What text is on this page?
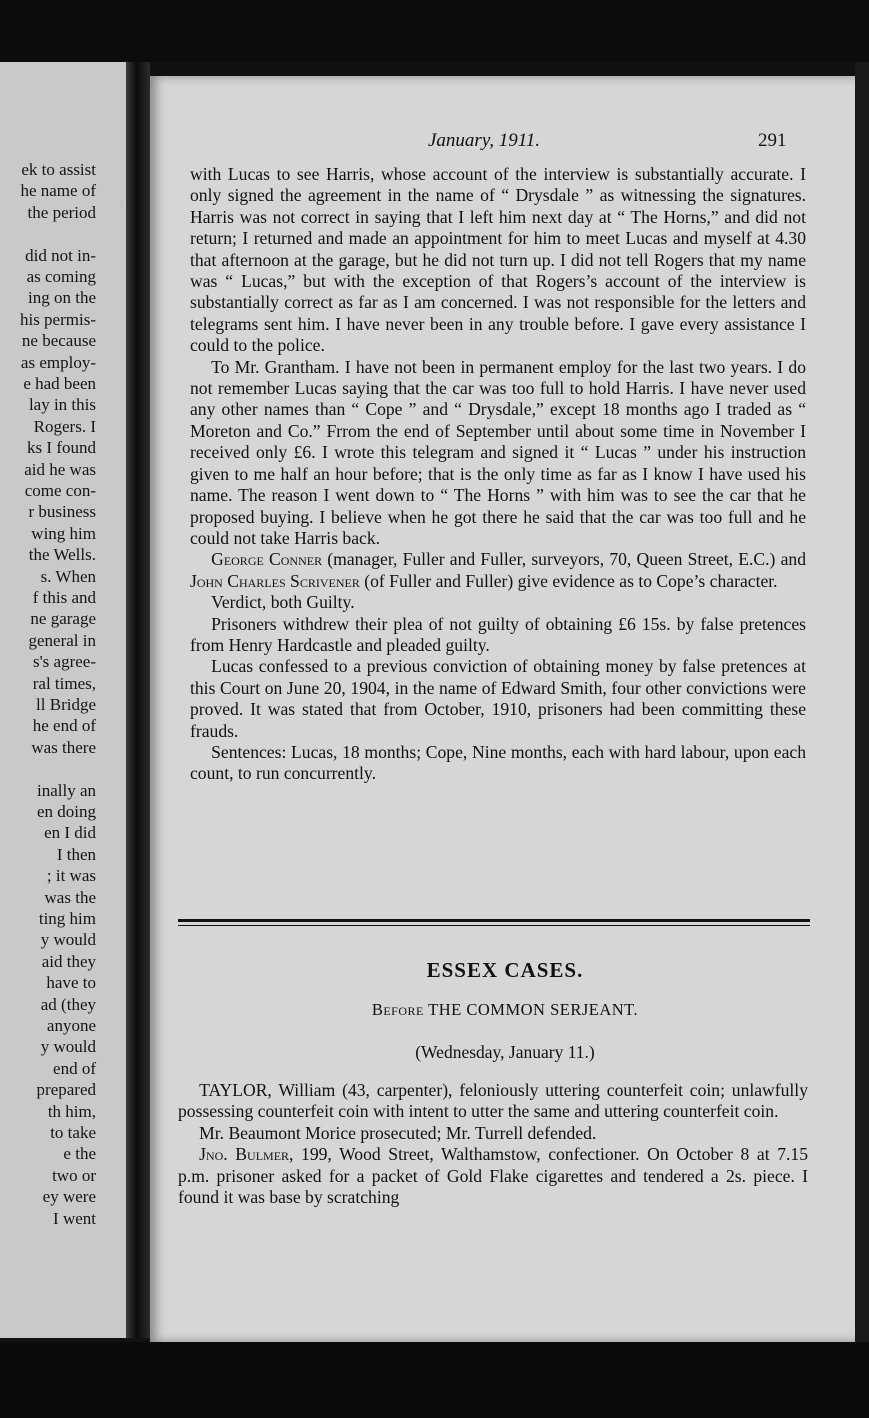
ek to assist
he name of
the period
did not in-
as coming
ing on the
his permis-
ne because
as employ-
e had been
lay in this
Rogers. I
ks I found
aid he was
come con-
r business
wing him
the Wells.
s. When
f this and
ne garage
general in
s's agree-
ral times,
ll Bridge
he end of
was there
inally an
en doing
en I did
I then
; it was
was the
ting him
y would
aid they
have to
ad (they
anyone
y would
end of
prepared
th him,
to take
e the
two or
ey were
I went
ı
January, 1911.	291

with Lucas to see Harris, whose account of the interview is substantially accurate. I only signed the agreement in the name of “ Drysdale ” as witnessing the signatures. Harris was not correct in saying that I left him next day at “ The Horns,” and did not return; I returned and made an appointment for him to meet Lucas and myself at 4.30 that afternoon at the garage, but he did not turn up. I did not tell Rogers that my name was “ Lucas,” but with the exception of that Rogers’s account of the interview is substantially correct as far as I am concerned. I was not responsible for the letters and telegrams sent him. I have never been in any trouble before. I gave every assistance I could to the police.

To Mr. Grantham. I have not been in permanent employ for the last two years. I do not remember Lucas saying that the car was too full to hold Harris. I have never used any other names than “ Cope ” and “ Drysdale,” except 18 months ago I traded as “ Moreton and Co.” Frrom the end of September until about some time in November I received only £6. I wrote this telegram and signed it “ Lucas ” under his instruction given to me half an hour before; that is the only time as far as I know I have used his name. The reason I went down to “ The Horns ” with him was to see the car that he proposed buying. I believe when he got there he said that the car was too full and he could not take Harris back.

George Conner (manager, Fuller and Fuller, surveyors, 70, Queen Street, E.C.) and John Charles Scrivener (of Fuller and Fuller) give evidence as to Cope’s character.

Verdict, both Guilty.

Prisoners withdrew their plea of not guilty of obtaining £6 15s. by false pretences from Henry Hardcastle and pleaded guilty.

Lucas confessed to a previous conviction of obtaining money by false pretences at this Court on June 20, 1904, in the name of Edward Smith, four other convictions were proved. It was stated that from October, 1910, prisoners had been committing these frauds.

Sentences: Lucas, 18 months; Cope, Nine months, each with hard labour, upon each count, to run concurrently.

ESSEX CASES.
Before THE COMMON SERJEANT.
(Wednesday, January 11.)

TAYLOR, William (43, carpenter), feloniously uttering counterfeit coin; unlawfully possessing counterfeit coin with intent to utter the same and uttering counterfeit coin.

Mr. Beaumont Morice prosecuted; Mr. Turrell defended.

Jno. Bulmer, 199, Wood Street, Walthamstow, confectioner. On October 8 at 7.15 p.m. prisoner asked for a packet of Gold Flake cigarettes and tendered a 2s. piece. I found it was base by scratching
